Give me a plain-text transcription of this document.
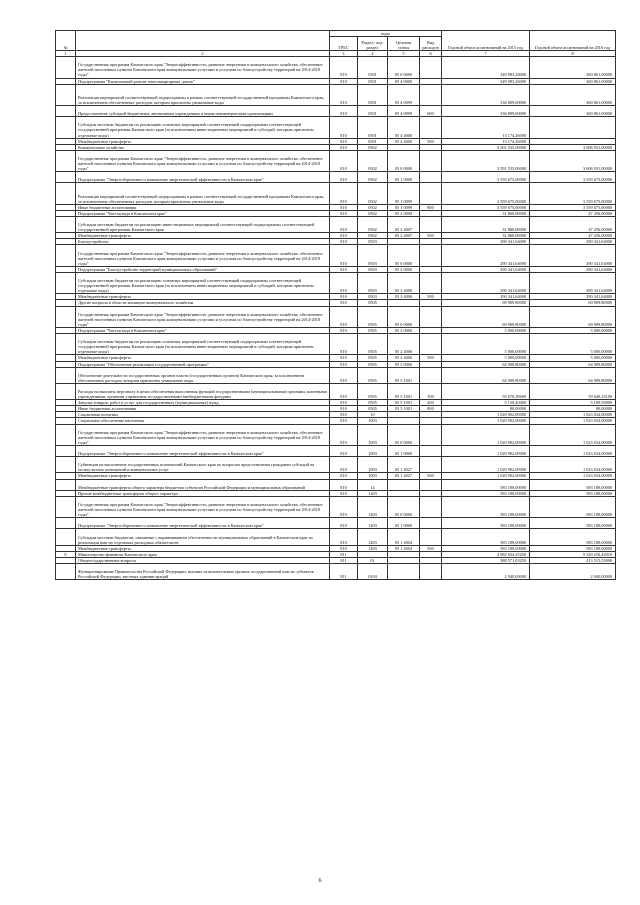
№		коды				Годовой объем ассигнований на 2015 год	Годовой объем ассигнований на 2016 год
		ГРБС	Раздел, под- раздел	Целевая статья	Вид расходов		
1	2	3	4	5	6	7	8
	Государственная программа Камчатского края "Энергоэффективность, развитие энергетики и коммунального хозяйства, обеспечение жителей населенных пунктов Камчатского края коммунальными услугами и услугами по благоустройству территорий на 2014-2018 годы"	810	0501	05 0 0000		349 983,26000	360 861,00000
	Подпрограмма "Капитальный ремонт многоквартирных домов"	810	0501	05 4 0000		349 983,26000	360 861,00000
	Реализация мероприятий соответствующей подпрограммы в рамках соответствующей государственной программы Камчатского края, за исключением обеспеченных расходов, которым присвоены уникальные коды	810	0501	05 4 0099		336 809,00000	360 861,00000
	Предоставление субсидий бюджетным, автономным учреждениям и иным некоммерческим организациям	810	0501	05 4 0099	600	336 809,00000	360 861,00000
	Субсидии местным бюджетам на реализацию основных мероприятий соответствующей подпрограммы соответствующей государственной программы Камчатского края (за исключением инвестиционных мероприятий и субсидий, которым присвоены отдельные коды)	810	0501	05 4 4000		13 174,26000	
	Межбюджетные трансферты	810	0501	05 4 4000	500	13 174,26000	
	Коммунальное хозяйство	810	0502			3 501 535,00000	3 606 931,00000
	Государственная программа Камчатского края "Энергоэффективность, развитие энергетики и коммунального хозяйства, обеспечение жителей населенных пунктов Камчатского края коммунальными услугами и услугами по благоустройству территорий на 2014-2018 годы"	810	0502	05 0 0000		3 591 535,00000	3 606 931,00000
	Подпрограмма "Энергосбережение и повышение энергетической эффективности в Камчатском крае"	810	0502	05 1 0000		3 559 675,00000	3 559 675,00000
	Реализация мероприятий соответствующей подпрограммы в рамках соответствующей государственной программы Камчатского края, за исключением обеспеченных расходов, которым присвоены уникальные коды	810	0502	05 1 0099		3 559 675,00000	3 559 675,00000
	Иные бюджетные ассигнования	810	0502	05 1 0099	800	3 559 675,00000	3 559 675,00000
	Подпрограмма "Чистая вода в Камчатском крае"	810	0502	05 2 0000		31 860,00000	47 256,00000
	Субсидии местным бюджетам на реализацию инвестиционных мероприятий соответствующей подпрограммы соответствующей государственной программы Камчатского края	810	0502	05 2 4007		31 860,00000	47 256,00000
	Межбюджетные трансферты	810	0502	05 2 4007	500	31 860,00000	47 256,00000
	Благоустройство	810	0503			290 341,64000	290 341,64000
	Государственная программа Камчатского края "Энергоэффективность, развитие энергетики и коммунального хозяйства, обеспечение жителей населенных пунктов Камчатского края коммунальными услугами и услугами по благоустройству территорий на 2014-2018 годы"	810	0503	05 0 0000		290 341,64000	290 341,64000
	Подпрограмма "Благоустройство территорий муниципальных образований"	810	0503	05 3 0000		290 341,64000	290 341,64000
	Субсидии местным бюджетам на реализацию основных мероприятий соответствующей подпрограммы соответствующей государственной программы Камчатского края (за исключением инвестиционных мероприятий и субсидий, которым присвоены отдельные коды)	810	0503	05 3 4006		290 341,64000	290 341,64000
	Межбюджетные трансферты	810	0503	05 3 4006	500	290 341,64000	290 341,64000
	Другие вопросы в области жилищно-коммунального хозяйства	810	0505			69 909,80000	69 909,80000
	Государственная программа Камчатского края "Энергоэффективность, развитие энергетики и коммунального хозяйства, обеспечение жителей населенных пунктов Камчатского края коммунальными услугами и услугами по благоустройству территорий на 2014-2018 годы"	810	0505	05 0 0000		69 909,80000	69 909,80000
	Подпрограмма "Чистая вода в Камчатском крае"	810	0505	05 2 0000		5 000,00000	5 000,00000
	Субсидии местным бюджетам на реализацию основных мероприятий соответствующей подпрограммы соответствующей государственной программы Камчатского края (за исключением инвестиционных мероприятий и субсидий, которым присвоены отдельные коды)	810	0505	05 2 4006		5 000,00000	5 000,00000
	Межбюджетные трансферты	810	0505	05 2 4006	500	5 000,00000	5 000,00000
	Подпрограмма "Обеспечение реализации государственной программы"	810	0505	05 5 0000		64 909,80000	64 909,80000
	Обеспечение деятельности государственных органов власти (государственных органов) Камчатского края, за исключением обеспеченных расходов, которым присвоены уникальные коды	810	0505	05 5 1001		64 909,80000	64 909,80000
	Расходы на выплаты персоналу в целях обеспечения выполнения функций государственными (муниципальными) органами, казенными учреждениями, органами управления государственными внебюджетными фондами	810	0505	05 5 1001	100	59 670,39600	59 640,23100
	Закупка товаров, работ и услуг для государственных (муниципальных) нужд	810	0505	05 5 1001	200	5 159,40400	5 189,56900
	Иные бюджетные ассигнования	810	0505	05 5 1001	800	80,00000	80,00000
	Социальная политика	810	10			1 020 902,00000	1 023 034,00000
	Социальное обеспечение населения	810	1003			1 020 902,00000	1 023 034,00000
	Государственная программа Камчатского края "Энергоэффективность, развитие энергетики и коммунального хозяйства, обеспечение жителей населенных пунктов Камчатского края коммунальными услугами и услугами по благоустройству территорий на 2014-2018 годы"	810	1003	05 0 0000		1 020 902,00000	1 023 034,00000
	Подпрограмма "Энергосбережение и повышение энергетической эффективности в Камчатском крае"	810	1003	05 1 0000		1 020 902,00000	1 023 034,00000
	Субвенции на выполнение государственных полномочий Камчатского края по вопросам предоставления гражданам субсидий на оплату жилых помещений и коммунальных услуг	810	1003	05 1 4027		1 020 902,00000	1 023 034,00000
	Межбюджетные трансферты	810	1003	05 1 4027	500	1 020 902,00000	1 023 034,00000
	Межбюджетные трансферты общего характера бюджетам субъектов Российской Федерации и муниципальных образований	810	14			583 188,00000	583 188,00000
	Прочие межбюджетные трансферты общего характера	810	1403			583 188,00000	583 188,00000
	Государственная программа Камчатского края "Энергоэффективность, развитие энергетики и коммунального хозяйства, обеспечение жителей населенных пунктов Камчатского края коммунальными услугами и услугами по благоустройству территорий на 2014-2018 годы"	810	1403	05 0 0000		583 188,00000	583 188,00000
	Подпрограмма "Энергосбережение и повышение энергетической эффективности в Камчатском крае"	810	1403	05 1 0000		583 188,00000	583 188,00000
	Субсидии местным бюджетам, связанные с выравниванием обеспеченности муниципальных образований в Камчатском крае по реализации ими их отдельных расходных обязательств	810	1403	05 1 4004		583 188,00000	583 188,00000
	Межбюджетные трансферты	810	1403	05 1 4004	500	583 188,00000	583 188,00000
9	Министерство финансов Камчатского края	811				4 982 634,23250	5 529 216,43010
	Общегосударственные вопросы	811	01			388 571,03250	413 515,55090
	Функционирование Правительства Российской Федерации, высших исполнительных органов государственной власти субъектов Российской Федерации, местных администраций	811	0104			2 940,00000	2 940,00000
6
